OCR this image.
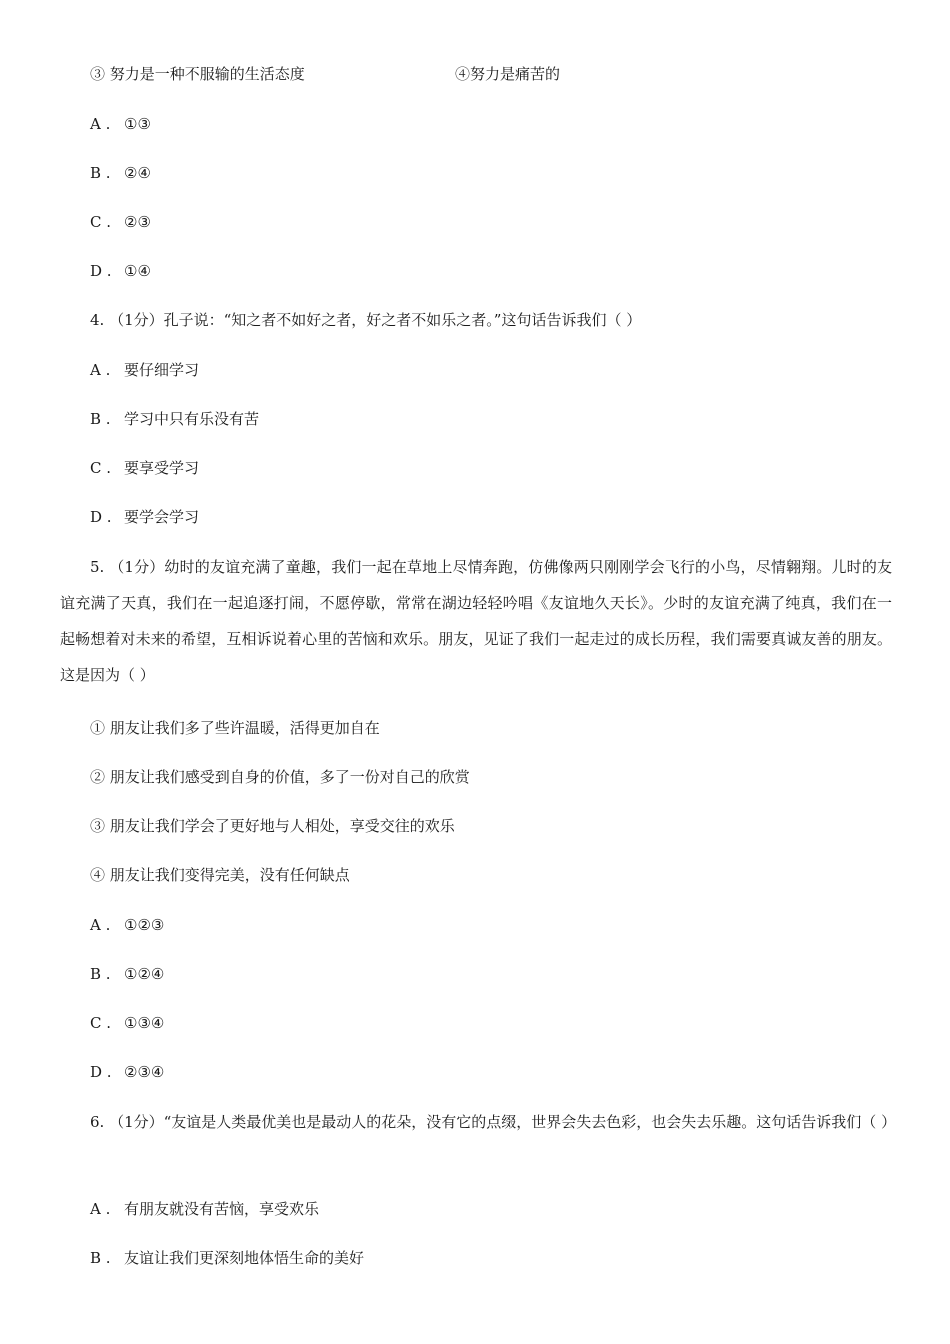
③ 努力是一种不服输的生活态度	④努力是痛苦的
A . ①③
B . ②④
C . ②③
D . ①④
4. （1分）孔子说：“知之者不如好之者，好之者不如乐之者。”这句话告诉我们（ ）
A . 要仔细学习
B . 学习中只有乐没有苦
C . 要享受学习
D . 要学会学习
5. （1分）幼时的友谊充满了童趣，我们一起在草地上尽情奔跑，仿佛像两只刚刚学会飞行的小鸟，尽情翱翔。儿时的友谊充满了天真，我们在一起追逐打闹，不愿停歇，常常在湖边轻轻吟唱《友谊地久天长》。少时的友谊充满了纯真，我们在一起畅想着对未来的希望，互相诉说着心里的苦恼和欢乐。朋友，见证了我们一起走过的成长历程，我们需要真诚友善的朋友。这是因为（ ）
① 朋友让我们多了些许温暖，活得更加自在
② 朋友让我们感受到自身的价值，多了一份对自己的欣赏
③ 朋友让我们学会了更好地与人相处，享受交往的欢乐
④ 朋友让我们变得完美，没有任何缺点
A . ①②③
B . ①②④
C . ①③④
D . ②③④
6. （1分）“友谊是人类最优美也是最动人的花朵，没有它的点缀，世界会失去色彩，也会失去乐趣。这句话告诉我们（ ）
A . 有朋友就没有苦恼，享受欢乐
B . 友谊让我们更深刻地体悟生命的美好
